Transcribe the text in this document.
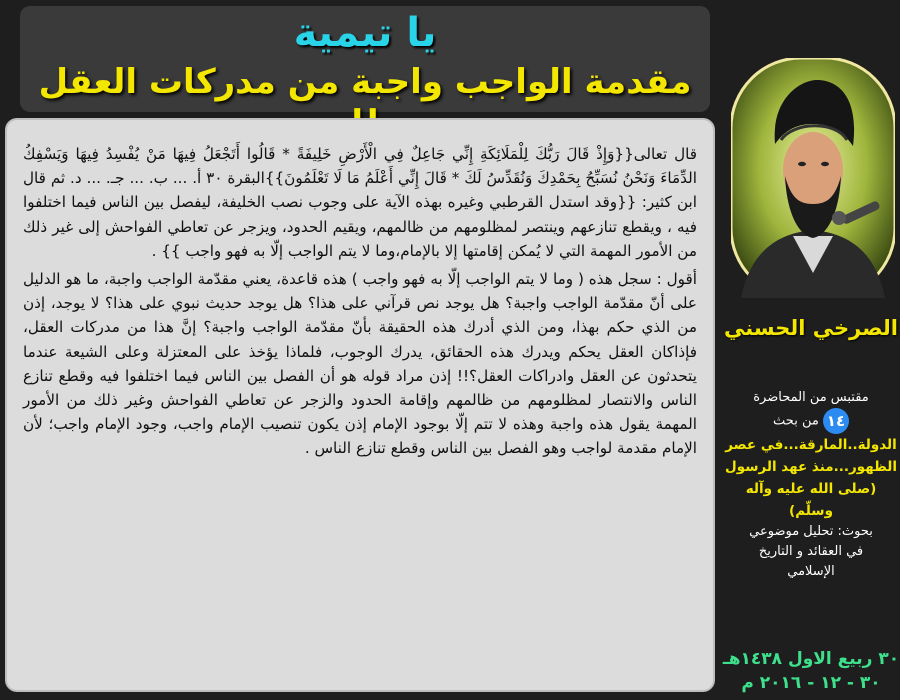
يا تيمية
مقدمة الواجب واجبة من مدركات العقل

قال تعالى{{وَإِذْ قَالَ رَبُّكَ لِلْمَلَائِكَةِ إِنِّي جَاعِلٌ فِي الْأَرْضِ خَلِيفَةً * قَالُوا أَتَجْعَلُ فِيهَا مَنْ يُفْسِدُ فِيهَا وَيَسْفِكُ الدِّمَاءَ وَنَحْنُ نُسَبِّحُ بِحَمْدِكَ وَنُقَدِّسُ لَكَ * قَالَ إِنِّي أَعْلَمُ مَا لَا تَعْلَمُونَ}}البقرة ٣٠ أ. ... ب. ... جـ. ... د. ثم قال ابن كثير: {{وقد استدل القرطبي وغيره بهذه الآية على وجوب نصب الخليفة، ليفصل بين الناس فيما اختلفوا فيه ، ويقطع تنازعهم وينتصر لمظلومهم من ظالمهم، ويقيم الحدود، ويزجر عن تعاطي الفواحش إلى غير ذلك من الأمور المهمة التي لا يُمكن إقامتها إلا بالإمام،وما لا يتم الواجب إلّا به فهو واجب }} .

أقول : سجل هذه ( وما لا يتم الواجب إلّا به فهو واجب ) هذه قاعدة، يعني مقدّمة الواجب واجبة، ما هو الدليل على أنّ مقدّمة الواجب واجبة؟ هل يوجد نص قرآني على هذا؟ هل يوجد حديث نبوي على هذا؟ لا يوجد، إذن من الذي حكم بهذا، ومن الذي أدرك هذه الحقيقة بأنّ مقدّمة الواجب واجبة؟ إنَّ هذا من مدركات العقل، فإذاكان العقل يحكم ويدرك هذه الحقائق، يدرك الوجوب، فلماذا يؤخذ على المعتزلة وعلى الشيعة عندما يتحدثون عن العقل وادراكات العقل؟!! إذن مراد قوله هو أن الفصل بين الناس فيما اختلفوا فيه وقطع تنازع الناس والانتصار لمظلومهم من ظالمهم وإقامة الحدود والزجر عن تعاطي الفواحش وغير ذلك من الأمور المهمة يقول هذه واجبة وهذه لا تتم إلّا بوجود الإمام إذن يكون تنصيب الإمام واجب، وجود الإمام واجب؛ لأن الإمام مقدمة لواجب وهو الفصل بين الناس وقطع تنازع الناس .

الصرخي الحسني
مقتبس من المحاضرة
١٤ من بحث
الدولة..المارقة...في عصر
الظهور...منذ عهد الرسول
(صلى الله عليه وآله وسلّم)
بحوث: تحليل موضوعي
في العقائد و التاريخ
الإسلامي
٣٠ ربيع الاول ١٤٣٨هـ
٣٠ - ١٢ - ٢٠١٦ م
